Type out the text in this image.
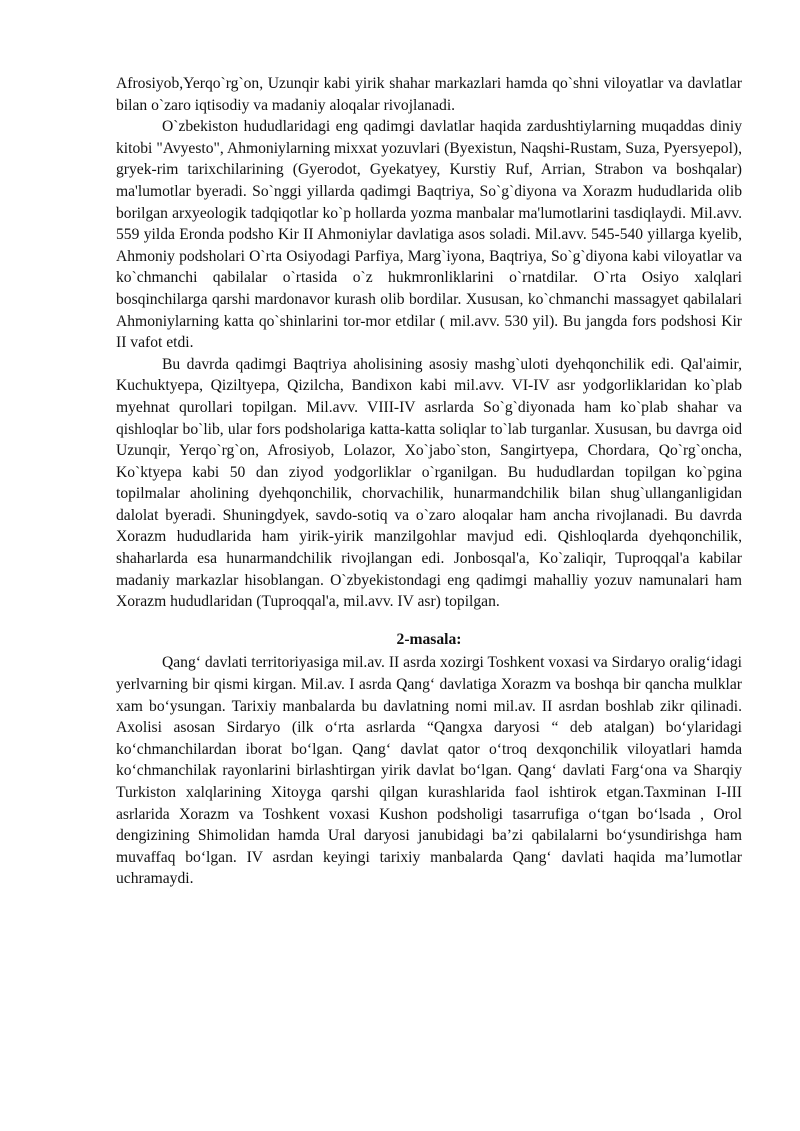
Afrosiyob,Yerqo`rg`on, Uzunqir kabi yirik shahar markazlari hamda qo`shni viloyatlar va davlatlar bilan o`zaro iqtisodiy va madaniy aloqalar rivojlanadi.

O`zbekiston hududlaridagi eng qadimgi davlatlar haqida zardushtiylarning muqaddas diniy kitobi "Avyesto", Ahmoniylarning mixxat yozuvlari (Byexistun, Naqshi-Rustam, Suza, Pyersyepol), gryek-rim tarixchilarining (Gyerodot, Gyekatyey, Kurstiy Ruf, Arrian, Strabon va boshqalar) ma'lumotlar byeradi. So`nggi yillarda qadimgi Baqtriya, So`g`diyona va Xorazm hududlarida olib borilgan arxyeologik tadqiqotlar ko`p hollarda yozma manbalar ma'lumotlarini tasdiqlaydi. Mil.avv. 559 yilda Eronda podsho Kir II Ahmoniylar davlatiga asos soladi. Mil.avv. 545-540 yillarga kyelib, Ahmoniy podsholari O`rta Osiyodagi Parfiya, Marg`iyona, Baqtriya, So`g`diyona kabi viloyatlar va ko`chmanchi qabilalar o`rtasida o`z hukmronliklarini o`rnatdilar. O`rta Osiyo xalqlari bosqinchilarga qarshi mardonavor kurash olib bordilar. Xususan, ko`chmanchi massagyet qabilalari Ahmoniylarning katta qo`shinlarini tor-mor etdilar ( mil.avv. 530 yil). Bu jangda fors podshosi Kir II vafot etdi.

Bu davrda qadimgi Baqtriya aholisining asosiy mashg`uloti dyehqonchilik edi. Qal'aimir, Kuchuktyepa, Qiziltyepa, Qizilcha, Bandixon kabi mil.avv. VI-IV asr yodgorliklaridan ko`plab myehnat qurollari topilgan. Mil.avv. VIII-IV asrlarda So`g`diyonada ham ko`plab shahar va qishloqlar bo`lib, ular fors podsholariga katta-katta soliqlar to`lab turganlar. Xususan, bu davrga oid Uzunqir, Yerqo`rg`on, Afrosiyob, Lolazor, Xo`jabo`ston, Sangirtyepa, Chordara, Qo`rg`oncha, Ko`ktyepa kabi 50 dan ziyod yodgorliklar o`rganilgan. Bu hududlardan topilgan ko`pgina topilmalar aholining dyehqonchilik, chorvachilik, hunarmandchilik bilan shug`ullanganligidan dalolat byeradi. Shuningdyek, savdo-sotiq va o`zaro aloqalar ham ancha rivojlanadi. Bu davrda Xorazm hududlarida ham yirik-yirik manzilgohlar mavjud edi. Qishloqlarda dyehqonchilik, shaharlarda esa hunarmandchilik rivojlangan edi. Jonbosqal'a, Ko`zaliqir, Tuproqqal'a kabilar madaniy markazlar hisoblangan. O`zbyekistondagi eng qadimgi mahalliy yozuv namunalari ham Xorazm hududlaridan (Tuproqqal'a, mil.avv. IV asr) topilgan.

2-masala:

Qang‘ davlati territoriyasiga mil.av. II asrda xozirgi Toshkent voxasi va Sirdaryo oralig‘idagi yerlvarning bir qismi kirgan. Mil.av. I asrda Qang‘ davlatiga Xorazm va boshqa bir qancha mulklar xam bo‘ysungan. Tarixiy manbalarda bu davlatning nomi mil.av. II asrdan boshlab zikr qilinadi. Axolisi asosan Sirdaryo (ilk o‘rta asrlarda “Qangxa daryosi “ deb atalgan) bo‘ylaridagi ko‘chmanchilardan iborat bo‘lgan. Qang‘ davlat qator o‘troq dexqonchilik viloyatlari hamda ko‘chmanchilak rayonlarini birlashtirgan yirik davlat bo‘lgan. Qang‘ davlati Farg‘ona va Sharqiy Turkiston xalqlarining Xitoyga qarshi qilgan kurashlarida faol ishtirok etgan.Taxminan I-III asrlarida Xorazm va Toshkent voxasi Kushon podsholigi tasarrufiga o‘tgan bo‘lsada , Orol dengizining Shimolidan hamda Ural daryosi janubidagi ba’zi qabilalarni bo‘ysundirishga ham muvaffaq bo‘lgan. IV asrdan keyingi tarixiy manbalarda Qang‘ davlati haqida ma’lumotlar uchramaydi.
